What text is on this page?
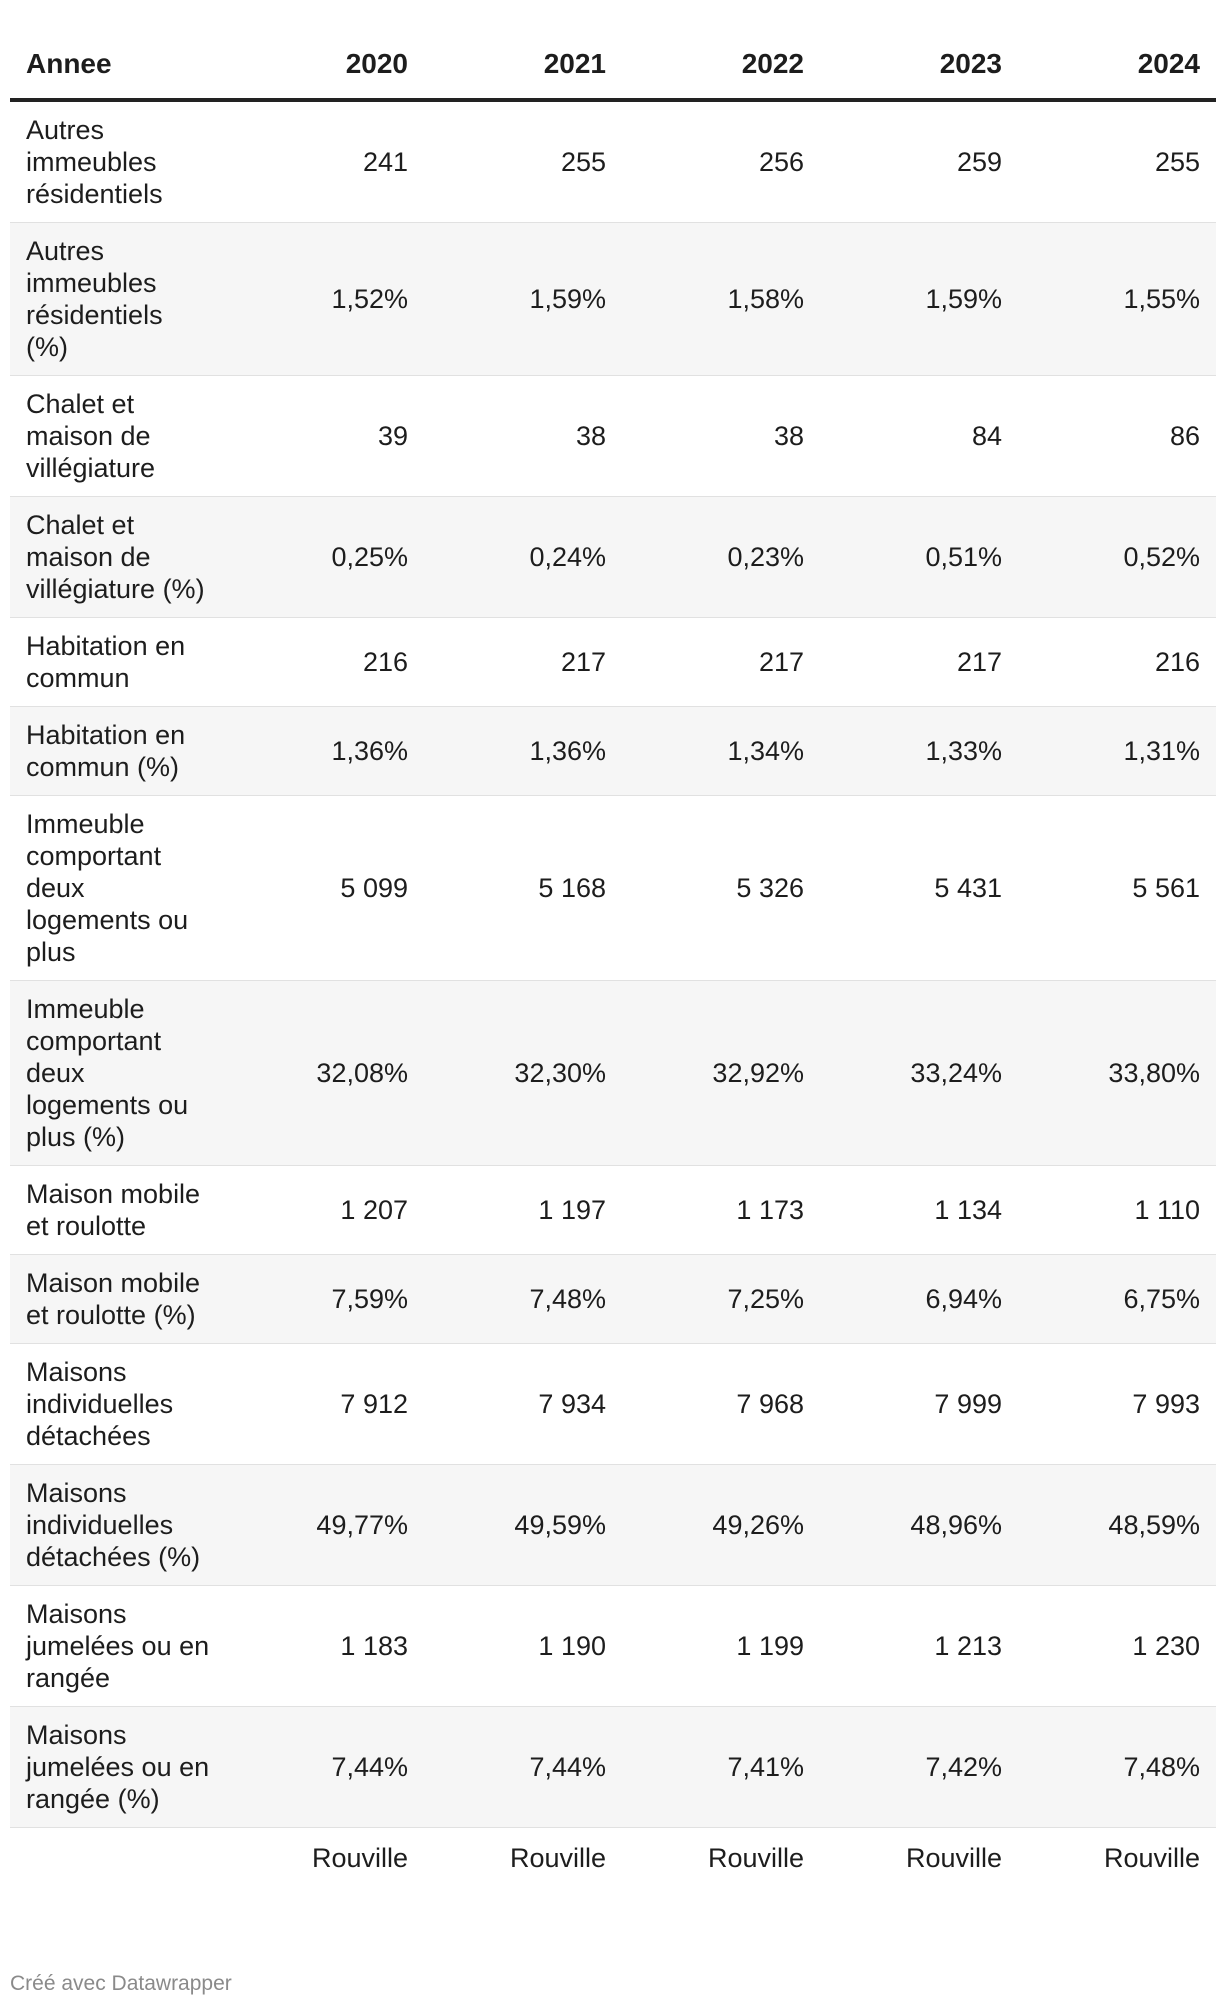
Annee	2020	2021	2022	2023	2024
Autres immeubles résidentiels	241	255	256	259	255
Autres immeubles résidentiels (%)	1,52%	1,59%	1,58%	1,59%	1,55%
Chalet et maison de villégiature	39	38	38	84	86
Chalet et maison de villégiature (%)	0,25%	0,24%	0,23%	0,51%	0,52%
Habitation en commun	216	217	217	217	216
Habitation en commun (%)	1,36%	1,36%	1,34%	1,33%	1,31%
Immeuble comportant deux logements ou plus	5 099	5 168	5 326	5 431	5 561
Immeuble comportant deux logements ou plus (%)	32,08%	32,30%	32,92%	33,24%	33,80%
Maison mobile et roulotte	1 207	1 197	1 173	1 134	1 110
Maison mobile et roulotte (%)	7,59%	7,48%	7,25%	6,94%	6,75%
Maisons individuelles détachées	7 912	7 934	7 968	7 999	7 993
Maisons individuelles détachées (%)	49,77%	49,59%	49,26%	48,96%	48,59%
Maisons jumelées ou en rangée	1 183	1 190	1 199	1 213	1 230
Maisons jumelées ou en rangée (%)	7,44%	7,44%	7,41%	7,42%	7,48%
	Rouville	Rouville	Rouville	Rouville	Rouville
Créé avec Datawrapper
